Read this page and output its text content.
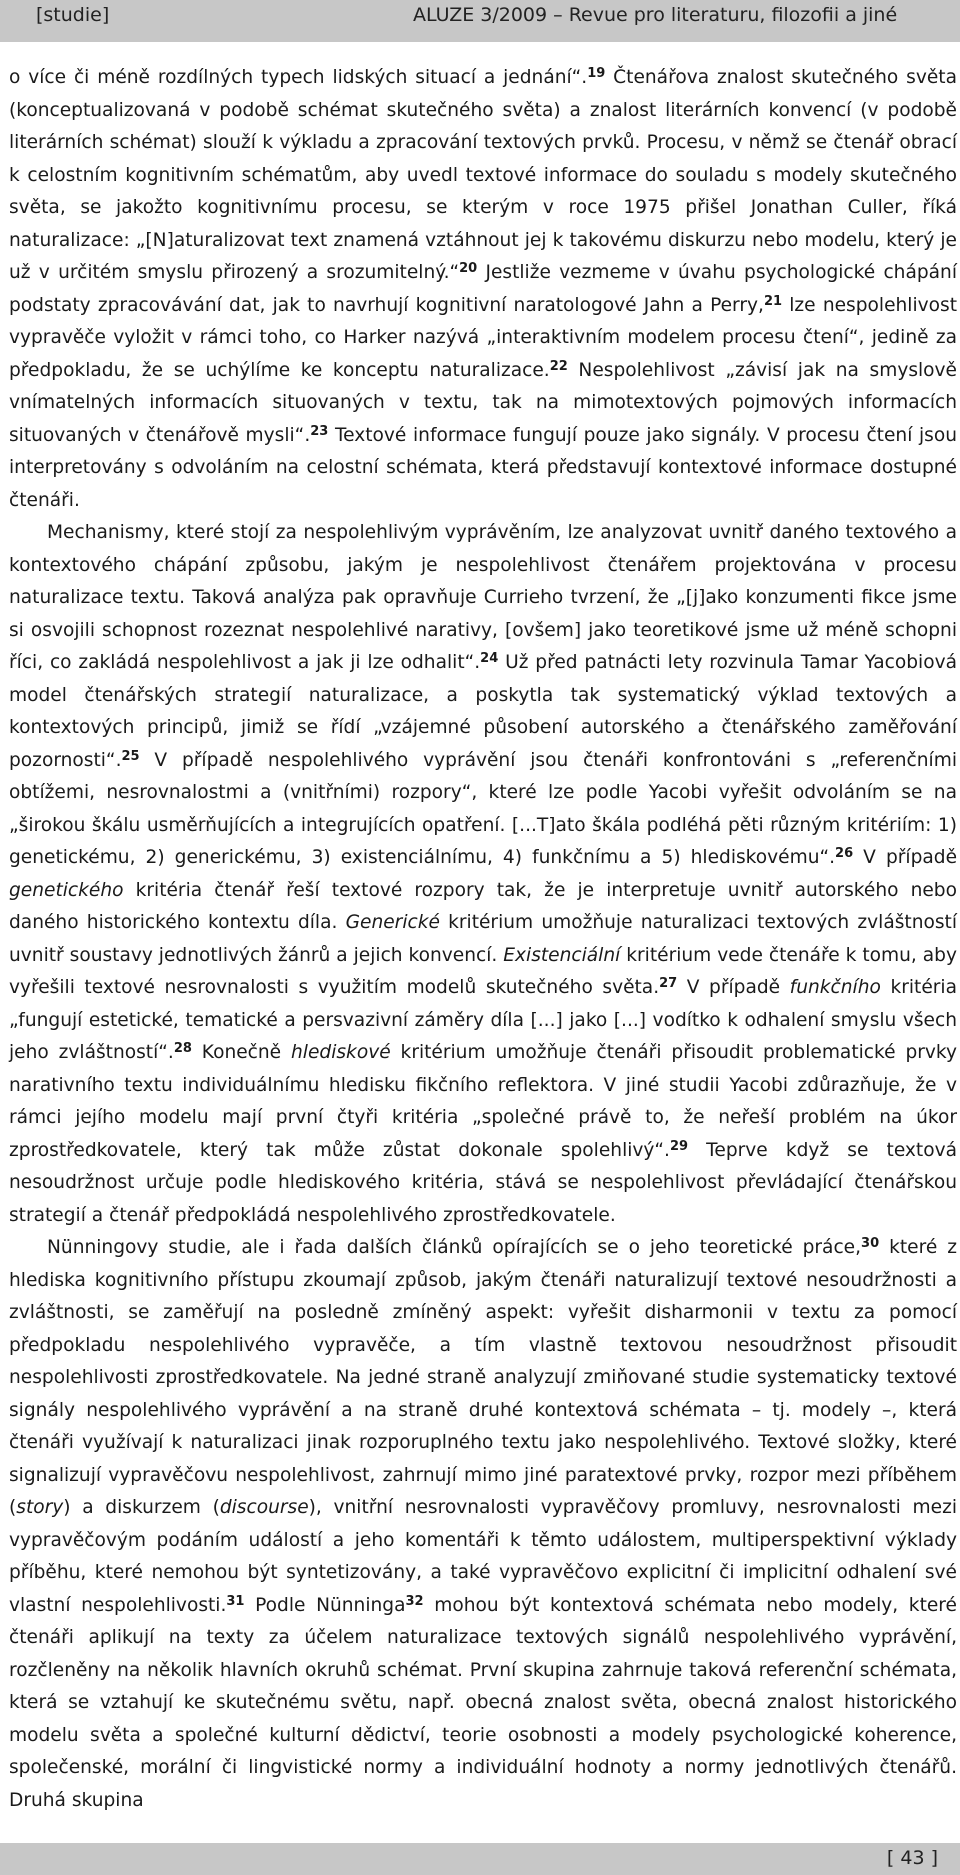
[studie]	ALUZE 3/2009 – Revue pro literaturu, filozofii a jiné

o více či méně rozdílných typech lidských situací a jednání“.$^{19}$ Čtenářova znalost skutečného světa (konceptualizovaná v podobě schémat skutečného světa) a znalost literárních konvencí (v podobě literárních schémat) slouží k výkladu a zpracování textových prvků. Procesu, v němž se čtenář obrací k celostním kognitivním schématům, aby uvedl textové informace do souladu s modely skutečného světa, se jakožto kognitivnímu procesu, se kterým v roce 1975 přišel Jonathan Culler, říká naturalizace: „[N]aturalizovat text znamená vztáhnout jej k takovému diskurzu nebo modelu, který je už v určitém smyslu přirozený a srozumitelný.“$^{20}$ Jestliže vezmeme v úvahu psychologické chápání podstaty zpracovávání dat, jak to navrhují kognitivní naratologové Jahn a Perry,$^{21}$ lze nespolehlivost vypravěče vyložit v rámci toho, co Harker nazývá „interaktivním modelem procesu čtení“, jedině za předpokladu, že se uchýlíme ke konceptu naturalizace.$^{22}$ Nespolehlivost „závisí jak na smyslově vnímatelných informacích situovaných v textu, tak na mimotextových pojmových informacích situovaných v čtenářově mysli“.$^{23}$ Textové informace fungují pouze jako signály. V procesu čtení jsou interpretovány s odvoláním na celostní schémata, která představují kontextové informace dostupné čtenáři.

Mechanismy, které stojí za nespolehlivým vyprávěním, lze analyzovat uvnitř daného textového a kontextového chápání způsobu, jakým je nespolehlivost čtenářem projektována v procesu naturalizace textu. Taková analýza pak opravňuje Currieho tvrzení, že „[j]ako konzumenti fikce jsme si osvojili schopnost rozeznat nespolehlivé narativy, [ovšem] jako teoretikové jsme už méně schopni říci, co zakládá nespolehlivost a jak ji lze odhalit“.$^{24}$ Už před patnácti lety rozvinula Tamar Yacobiová model čtenářských strategií naturalizace, a poskytla tak systematický výklad textových a kontextových principů, jimiž se řídí „vzájemné působení autorského a čtenářského zaměřování pozornosti“.$^{25}$ V případě nespolehlivého vyprávění jsou čtenáři konfrontováni s „referenčními obtížemi, nesrovnalostmi a (vnitřními) rozpory“, které lze podle Yacobi vyřešit odvoláním se na „širokou škálu usměrňujících a integrujících opatření. [...T]ato škála podléhá pěti různým kritériím: 1) genetickému, 2) generickému, 3) existenciálnímu, 4) funkčnímu a 5) hlediskovému“.$^{26}$ V případě genetického kritéria čtenář řeší textové rozpory tak, že je interpretuje uvnitř autorského nebo daného historického kontextu díla. Generické kritérium umožňuje naturalizaci textových zvláštností uvnitř soustavy jednotlivých žánrů a jejich konvencí. Existenciální kritérium vede čtenáře k tomu, aby vyřešili textové nesrovnalosti s využitím modelů skutečného světa.$^{27}$ V případě funkčního kritéria „fungují estetické, tematické a persvazivní záměry díla [...] jako [...] vodítko k odhalení smyslu všech jeho zvláštností“.$^{28}$ Konečně hlediskové kritérium umožňuje čtenáři přisoudit problematické prvky narativního textu individuálnímu hledisku fikčního reflektora. V jiné studii Yacobi zdůrazňuje, že v rámci jejího modelu mají první čtyři kritéria „společné právě to, že neřeší problém na úkor zprostředkovatele, který tak může zůstat dokonale spolehlivý“.$^{29}$ Teprve když se textová nesoudržnost určuje podle hlediskového kritéria, stává se nespolehlivost převládající čtenářskou strategií a čtenář předpokládá nespolehlivého zprostředkovatele.

Nünningovy studie, ale i řada dalších článků opírajících se o jeho teoretické práce,$^{30}$ které z hlediska kognitivního přístupu zkoumají způsob, jakým čtenáři naturalizují textové nesoudržnosti a zvláštnosti, se zaměřují na posledně zmíněný aspekt: vyřešit disharmonii v textu za pomocí předpokladu nespolehlivého vypravěče, a tím vlastně textovou nesoudržnost přisoudit nespolehlivosti zprostředkovatele. Na jedné straně analyzují zmiňované studie systematicky textové signály nespolehlivého vyprávění a na straně druhé kontextová schémata – tj. modely –, která čtenáři využívají k naturalizaci jinak rozporuplného textu jako nespolehlivého. Textové složky, které signalizují vypravěčovu nespolehlivost, zahrnují mimo jiné paratextové prvky, rozpor mezi příběhem (story) a diskurzem (discourse), vnitřní nesrovnalosti vypravěčovy promluvy, nesrovnalosti mezi vypravěčovým podáním událostí a jeho komentáři k těmto událostem, multiperspektivní výklady příběhu, které nemohou být syntetizovány, a také vypravěčovo explicitní či implicitní odhalení své vlastní nespolehlivosti.$^{31}$ Podle Nünninga$^{32}$ mohou být kontextová schémata nebo modely, které čtenáři aplikují na texty za účelem naturalizace textových signálů nespolehlivého vyprávění, rozčleněny na několik hlavních okruhů schémat. První skupina zahrnuje taková referenční schémata, která se vztahují ke skutečnému světu, např. obecná znalost světa, obecná znalost historického modelu světa a společné kulturní dědictví, teorie osobnosti a modely psychologické koherence, společenské, morální či lingvistické normy a individuální hodnoty a normy jednotlivých čtenářů. Druhá skupina

[ 43 ]
